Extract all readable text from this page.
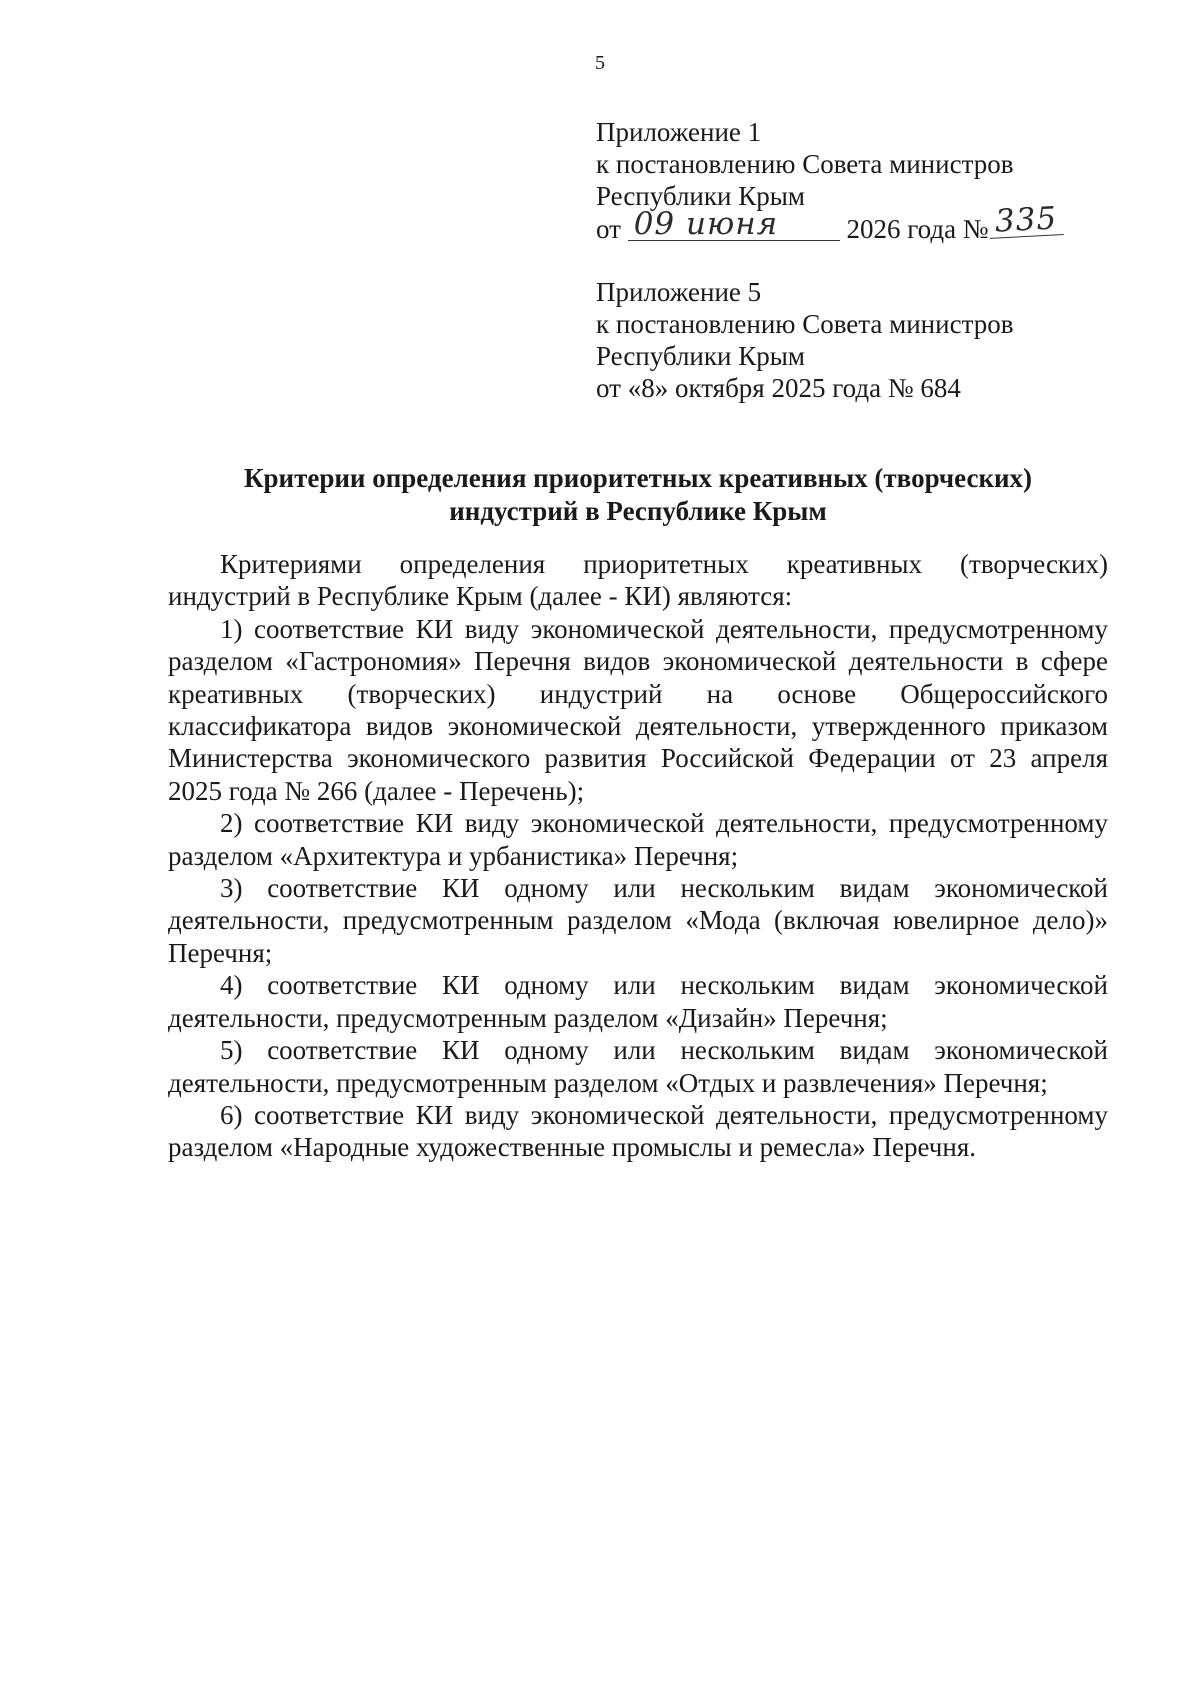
5
Приложение 1
к постановлению Совета министров
Республики Крым
от 09 июня	2026 года № 335
Приложение 5
к постановлению Совета министров
Республики Крым
от «8» октября 2025 года № 684
Критерии определения приоритетных креативных (творческих)
индустрий в Республике Крым

Критериями определения приоритетных креативных (творческих) индустрий в Республике Крым (далее - КИ) являются:

1) соответствие КИ виду экономической деятельности, предусмотренному разделом «Гастрономия» Перечня видов экономической деятельности в сфере креативных (творческих) индустрий на основе Общероссийского классификатора видов экономической деятельности, утвержденного приказом Министерства экономического развития Российской Федерации от 23 апреля 2025 года № 266 (далее - Перечень);

2) соответствие КИ виду экономической деятельности, предусмотренному разделом «Архитектура и урбанистика» Перечня;

3) соответствие КИ одному или нескольким видам экономической деятельности, предусмотренным разделом «Мода (включая ювелирное дело)» Перечня;

4) соответствие КИ одному или нескольким видам экономической деятельности, предусмотренным разделом «Дизайн» Перечня;

5) соответствие КИ одному или нескольким видам экономической деятельности, предусмотренным разделом «Отдых и развлечения» Перечня;

6) соответствие КИ виду экономической деятельности, предусмотренному разделом «Народные художественные промыслы и ремесла» Перечня.
